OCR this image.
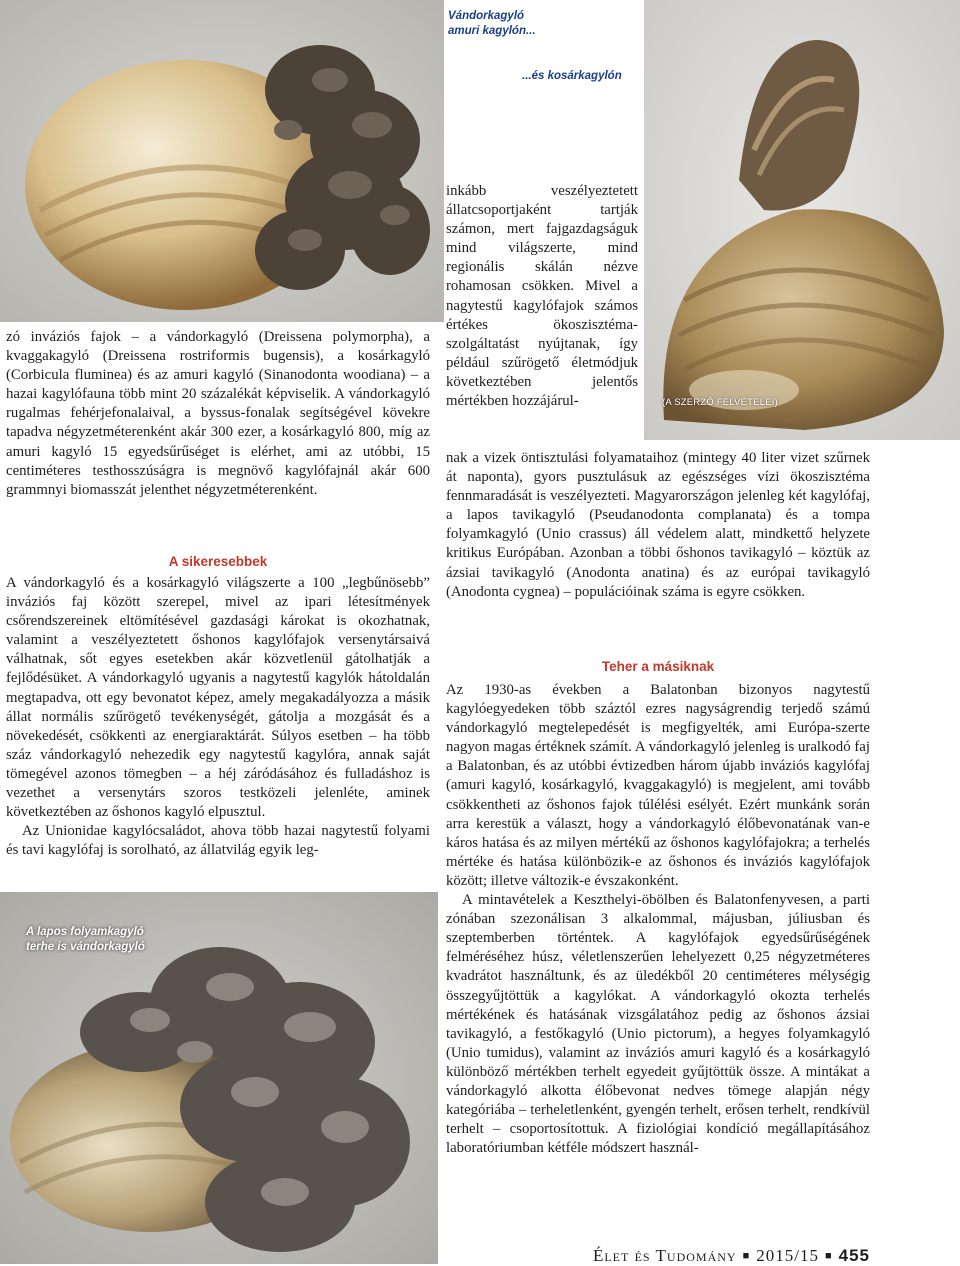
Vándorkagyló
amuri kagylón...
...és kosárkagylón
(A SZERZŐ FELVÉTELEI)
A lapos folyamkagyló
terhe is vándorkagyló

zó inváziós fajok – a vándorkagyló (Dreissena polymorpha), a kvaggakagyló (Dreissena rostriformis bugensis), a kosárkagyló (Corbicula fluminea) és az amuri kagyló (Sinanodonta woodiana) – a hazai kagylófauna több mint 20 százalékát képviselik. A vándorkagyló rugalmas fehérjefonalaival, a byssus-fonalak segítségével kövekre tapadva négyzetméterenként akár 300 ezer, a kosárkagyló 800, míg az amuri kagyló 15 egyedsűrűséget is elérhet, ami az utóbbi, 15 centiméteres testhosszúságra is megnövő kagylófajnál akár 600 grammnyi biomasszát jelenthet négyzetméterenként.

A sikeresebbek

A vándorkagyló és a kosárkagyló világszerte a 100 „legbűnösebb” inváziós faj között szerepel, mivel az ipari létesítmények csőrendszereinek eltömítésével gazdasági károkat is okozhatnak, valamint a veszélyeztetett őshonos kagylófajok versenytársaivá válhatnak, sőt egyes esetekben akár közvetlenül gátolhatják a fejlődésüket. A vándorkagyló ugyanis a nagytestű kagylók hátoldalán megtapadva, ott egy bevonatot képez, amely megakadályozza a másik állat normális szűrögető tevékenységét, gátolja a mozgását és a növekedését, csökkenti az energiaraktárát. Súlyos esetben – ha több száz vándorkagyló nehezedik egy nagytestű kagylóra, annak saját tömegével azonos tömegben – a héj záródásához és fulladáshoz is vezethet a versenytárs szoros testközeli jelenléte, aminek következtében az őshonos kagyló elpusztul.

Az Unionidae kagylócsaládot, ahova több hazai nagytestű folyami és tavi kagylófaj is sorolható, az állatvilág egyik leg-

inkább veszélyeztetett állatcsoportjaként tartják számon, mert fajgazdagságuk mind világszerte, mind regionális skálán nézve rohamosan csökken. Mivel a nagytestű kagylófajok számos értékes ökoszisztéma-szolgáltatást nyújtanak, így például szűrögető életmódjuk következtében jelentős mértékben hozzájárul-

nak a vizek öntisztulási folyamataihoz (mintegy 40 liter vizet szűrnek át naponta), gyors pusztulásuk az egészséges vízi ökoszisztéma fennmaradását is veszélyezteti. Magyarországon jelenleg két kagylófaj, a lapos tavikagyló (Pseudanodonta complanata) és a tompa folyamkagyló (Unio crassus) áll védelem alatt, mindkettő helyzete kritikus Európában. Azonban a többi őshonos tavikagyló – köztük az ázsiai tavikagyló (Anodonta anatina) és az európai tavikagyló (Anodonta cygnea) – populációinak száma is egyre csökken.

Teher a másiknak

Az 1930-as években a Balatonban bizonyos nagytestű kagylóegyedeken több száztól ezres nagyságrendig terjedő számú vándorkagyló megtelepedését is megfigyelték, ami Európa-szerte nagyon magas értéknek számít. A vándorkagyló jelenleg is uralkodó faj a Balatonban, és az utóbbi évtizedben három újabb inváziós kagylófaj (amuri kagyló, kosárkagyló, kvaggakagyló) is megjelent, ami tovább csökkentheti az őshonos fajok túlélési esélyét. Ezért munkánk során arra kerestük a választ, hogy a vándorkagyló élőbevonatának van-e káros hatása és az milyen mértékű az őshonos kagylófajokra; a terhelés mértéke és hatása különbözik-e az őshonos és inváziós kagylófajok között; illetve változik-e évszakonként.

A mintavételek a Keszthelyi-öbölben és Balatonfenyvesen, a parti zónában szezonálisan 3 alkalommal, májusban, júliusban és szeptemberben történtek. A kagylófajok egyedsűrűségének felméréséhez húsz, véletlenszerűen lehelyezett 0,25 négyzetméteres kvadrátot használtunk, és az üledékből 20 centiméteres mélységig összegyűjtöttük a kagylókat. A vándorkagyló okozta terhelés mértékének és hatásának vizsgálatához pedig az őshonos ázsiai tavikagyló, a festőkagyló (Unio pictorum), a hegyes folyamkagyló (Unio tumidus), valamint az inváziós amuri kagyló és a kosárkagyló különböző mértékben terhelt egyedeit gyűjtöttük össze. A mintákat a vándorkagyló alkotta élőbevonat nedves tömege alapján négy kategóriába – terheletlenként, gyengén terhelt, erősen terhelt, rendkívül terhelt – csoportosítottuk. A fiziológiai kondíció megállapításához laboratóriumban kétféle módszert használ-

Élet és Tudomány ■ 2015/15 ■ 455
